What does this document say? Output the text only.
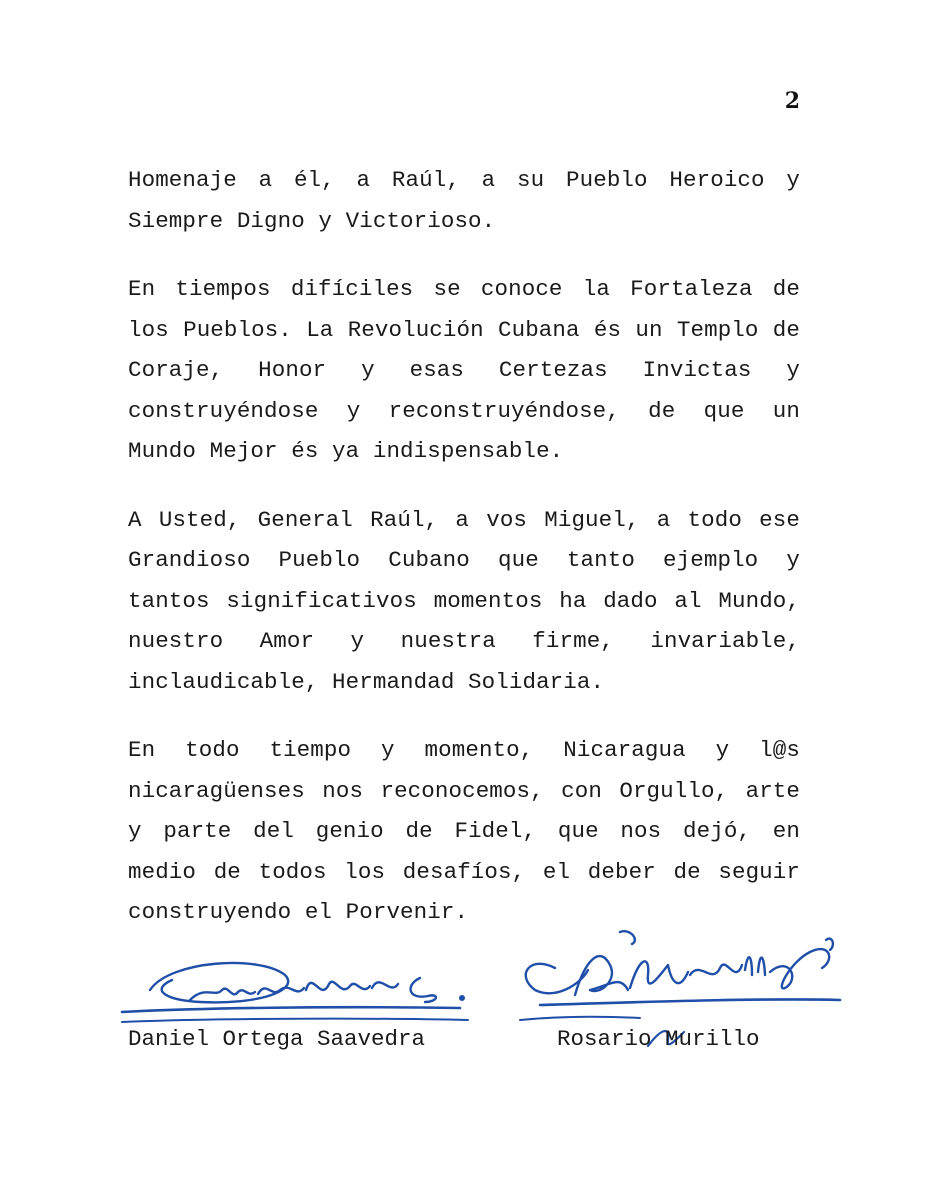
2

Homenaje a él, a Raúl, a su Pueblo Heroico y Siempre Digno y Victorioso.

En tiempos difíciles se conoce la Fortaleza de los Pueblos. La Revolución Cubana és un Templo de Coraje, Honor y esas Certezas Invictas y construyéndose y reconstruyéndose, de que un Mundo Mejor és ya indispensable.

A Usted, General Raúl, a vos Miguel, a todo ese Grandioso Pueblo Cubano que tanto ejemplo y tantos significativos momentos ha dado al Mundo, nuestro Amor y nuestra firme, invariable, inclaudicable, Hermandad Solidaria.

En todo tiempo y momento, Nicaragua y l@s nicaragüenses nos reconocemos, con Orgullo, arte y parte del genio de Fidel, que nos dejó, en medio de todos los desafíos, el deber de seguir construyendo el Porvenir.

Daniel Ortega Saavedra	Rosario Murillo
